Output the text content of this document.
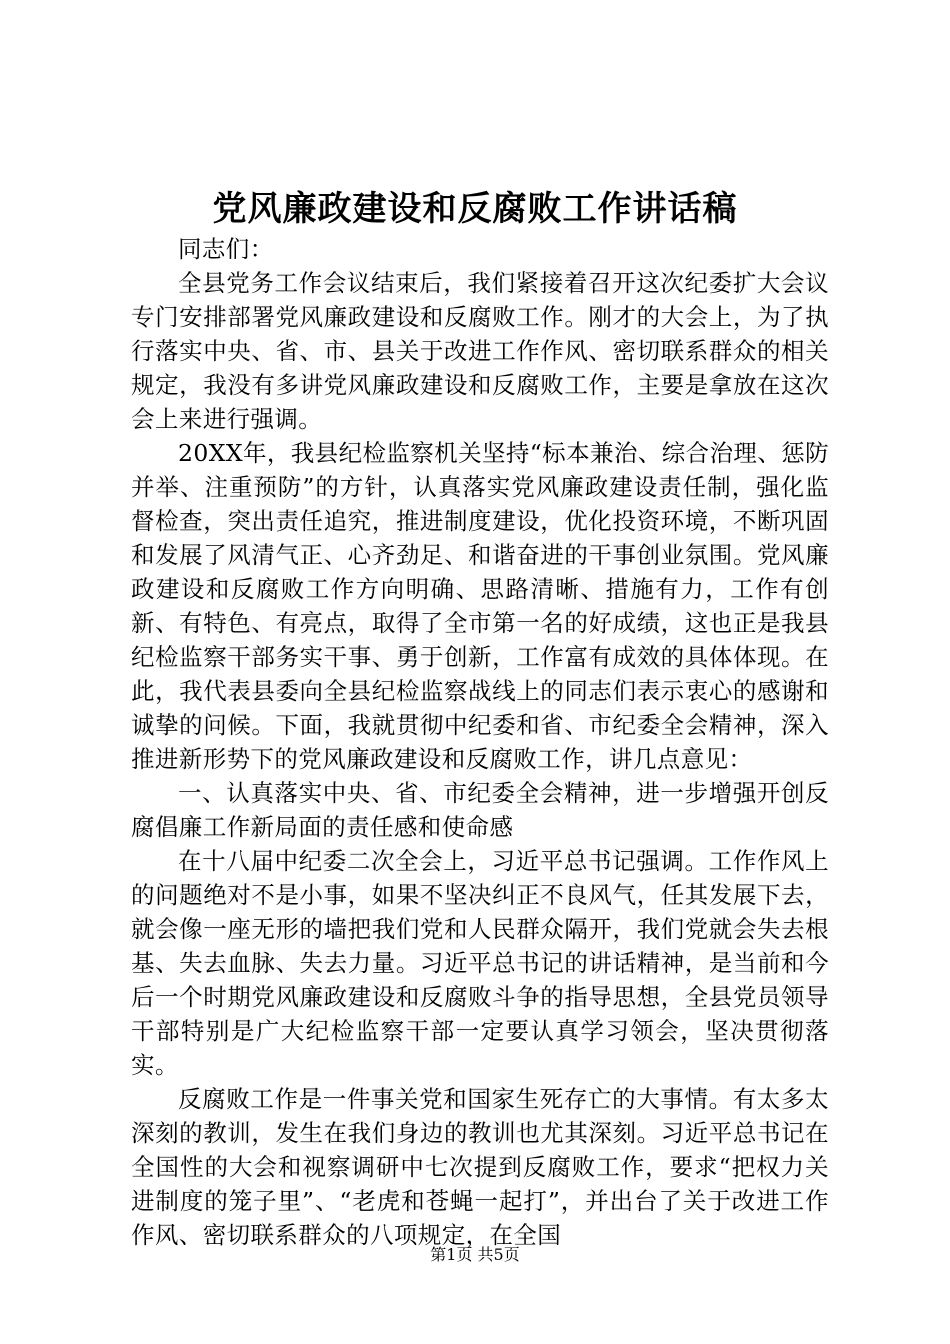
党风廉政建设和反腐败工作讲话稿

同志们：

全县党务工作会议结束后，我们紧接着召开这次纪委扩大会议专门安排部署党风廉政建设和反腐败工作。刚才的大会上，为了执行落实中央、省、市、县关于改进工作作风、密切联系群众的相关规定，我没有多讲党风廉政建设和反腐败工作，主要是拿放在这次会上来进行强调。

20XX年，我县纪检监察机关坚持“标本兼治、综合治理、惩防并举、注重预防”的方针，认真落实党风廉政建设责任制，强化监督检查，突出责任追究，推进制度建设，优化投资环境，不断巩固和发展了风清气正、心齐劲足、和谐奋进的干事创业氛围。党风廉政建设和反腐败工作方向明确、思路清晰、措施有力，工作有创新、有特色、有亮点，取得了全市第一名的好成绩，这也正是我县纪检监察干部务实干事、勇于创新，工作富有成效的具体体现。在此，我代表县委向全县纪检监察战线上的同志们表示衷心的感谢和诚挚的问候。下面，我就贯彻中纪委和省、市纪委全会精神，深入推进新形势下的党风廉政建设和反腐败工作，讲几点意见：

一、认真落实中央、省、市纪委全会精神，进一步增强开创反腐倡廉工作新局面的责任感和使命感

在十八届中纪委二次全会上，习近平总书记强调。工作作风上的问题绝对不是小事，如果不坚决纠正不良风气，任其发展下去，就会像一座无形的墙把我们党和人民群众隔开，我们党就会失去根基、失去血脉、失去力量。习近平总书记的讲话精神，是当前和今后一个时期党风廉政建设和反腐败斗争的指导思想，全县党员领导干部特别是广大纪检监察干部一定要认真学习领会，坚决贯彻落实。

反腐败工作是一件事关党和国家生死存亡的大事情。有太多太深刻的教训，发生在我们身边的教训也尤其深刻。习近平总书记在全国性的大会和视察调研中七次提到反腐败工作，要求“把权力关进制度的笼子里”、“老虎和苍蝇一起打”，并出台了关于改进工作作风、密切联系群众的八项规定，在全国

第1页 共5页
